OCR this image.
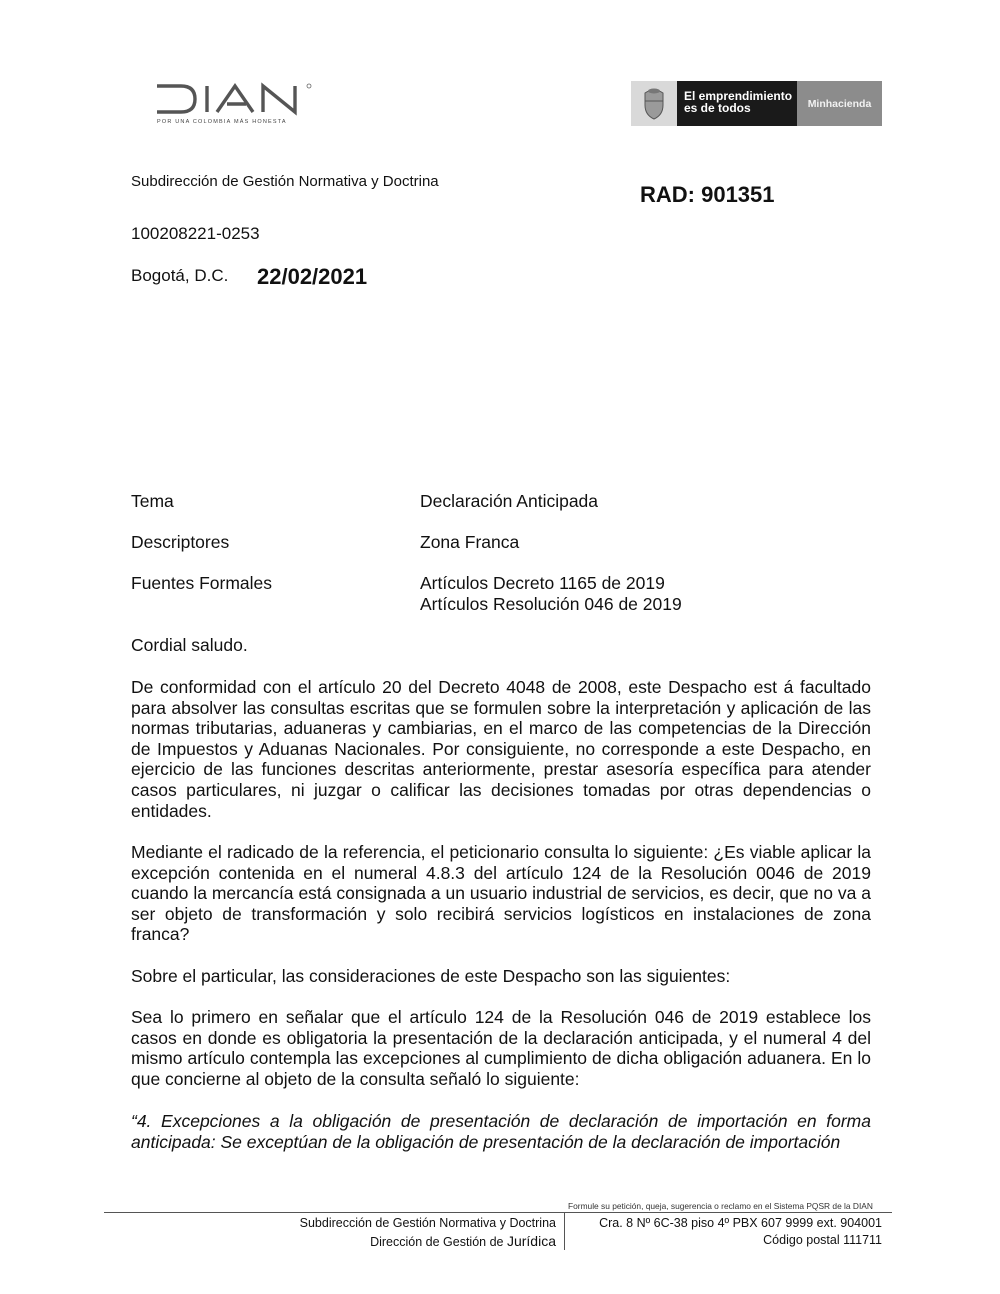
POR UNA COLOMBIA MÁS HONESTA
El emprendimiento
es de todos	Minhacienda
Subdirección de Gestión Normativa y Doctrina
RAD: 901351
100208221-0253
Bogotá, D.C. 22/02/2021
Tema	Declaración Anticipada
Descriptores	Zona Franca
Fuentes Formales	Artículos Decreto 1165 de 2019
Artículos Resolución 046 de 2019

Cordial saludo.

De conformidad con el artículo 20 del Decreto 4048 de 2008, este Despacho est á facultado para absolver las consultas escritas que se formulen sobre la interpretación y aplicación de las normas tributarias, aduaneras y cambiarias, en el marco de las competencias de la Dirección de Impuestos y Aduanas Nacionales. Por consiguiente, no corresponde a este Despacho, en ejercicio de las funciones descritas anteriormente, prestar asesoría específica para atender casos particulares, ni juzgar o calificar las decisiones tomadas por otras dependencias o entidades.

Mediante el radicado de la referencia, el peticionario consulta lo siguiente: ¿Es viable aplicar la excepción contenida en el numeral 4.8.3 del artículo 124 de la Resolución 0046 de 2019 cuando la mercancía está consignada a un usuario industrial de servicios, es decir, que no va a ser objeto de transformación y solo recibirá servicios logísticos en instalaciones de zona franca?

Sobre el particular, las consideraciones de este Despacho son las siguientes:

Sea lo primero en señalar que el artículo 124 de la Resolución 046 de 2019 establece los casos en donde es obligatoria la presentación de la declaración anticipada, y el numeral 4 del mismo artículo contempla las excepciones al cumplimiento de dicha obligación aduanera. En lo que concierne al objeto de la consulta señaló lo siguiente:

“4. Excepciones a la obligación de presentación de declaración de importación en forma anticipada: Se exceptúan de la obligación de presentación de la declaración de importación

Formule su petición, queja, sugerencia o reclamo en el Sistema PQSR de la DIAN
Subdirección de Gestión Normativa y Doctrina
Dirección de Gestión de Jurídica
Cra. 8 Nº 6C-38 piso 4º PBX 607 9999 ext. 904001
Código postal 111711
